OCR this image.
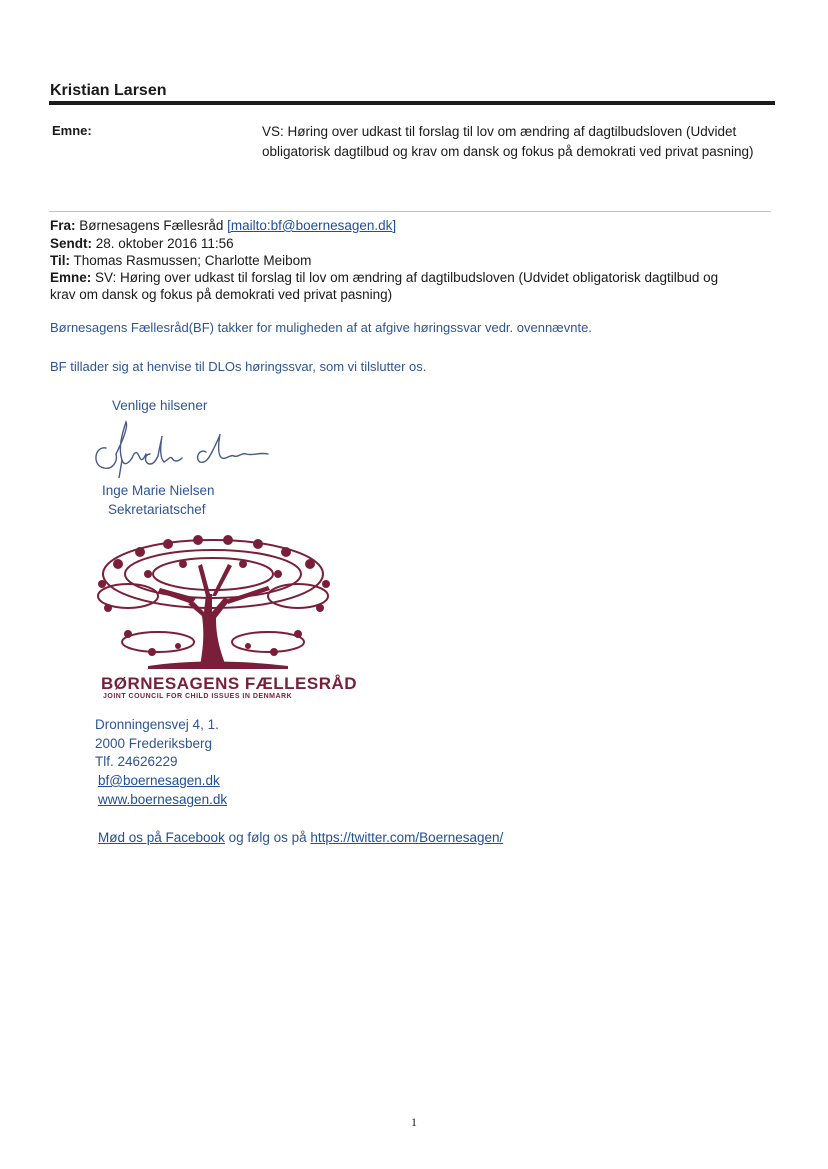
Kristian Larsen
Emne:	VS: Høring over udkast til forslag til lov om ændring af dagtilbudsloven (Udvidet obligatorisk dagtilbud og krav om dansk og fokus på demokrati ved privat pasning)
Fra: Børnesagens Fællesråd [mailto:bf@boernesagen.dk]
Sendt: 28. oktober 2016 11:56
Til: Thomas Rasmussen; Charlotte Meibom
Emne: SV: Høring over udkast til forslag til lov om ændring af dagtilbudsloven (Udvidet obligatorisk dagtilbud og
krav om dansk og fokus på demokrati ved privat pasning)
Børnesagens Fællesråd(BF) takker for muligheden af at afgive høringssvar vedr. ovennævnte.
BF tillader sig at henvise til DLOs høringssvar, som vi tilslutter os.
Venlige hilsener
Inge Marie Nielsen
Sekretariatschef
BØRNESAGENS FÆLLESRÅD
JOINT COUNCIL FOR CHILD ISSUES IN DENMARK
Dronningensvej 4, 1.
2000 Frederiksberg
Tlf. 24626229
bf@boernesagen.dk
www.boernesagen.dk
Mød os på Facebook og følg os på https://twitter.com/Boernesagen/
1
